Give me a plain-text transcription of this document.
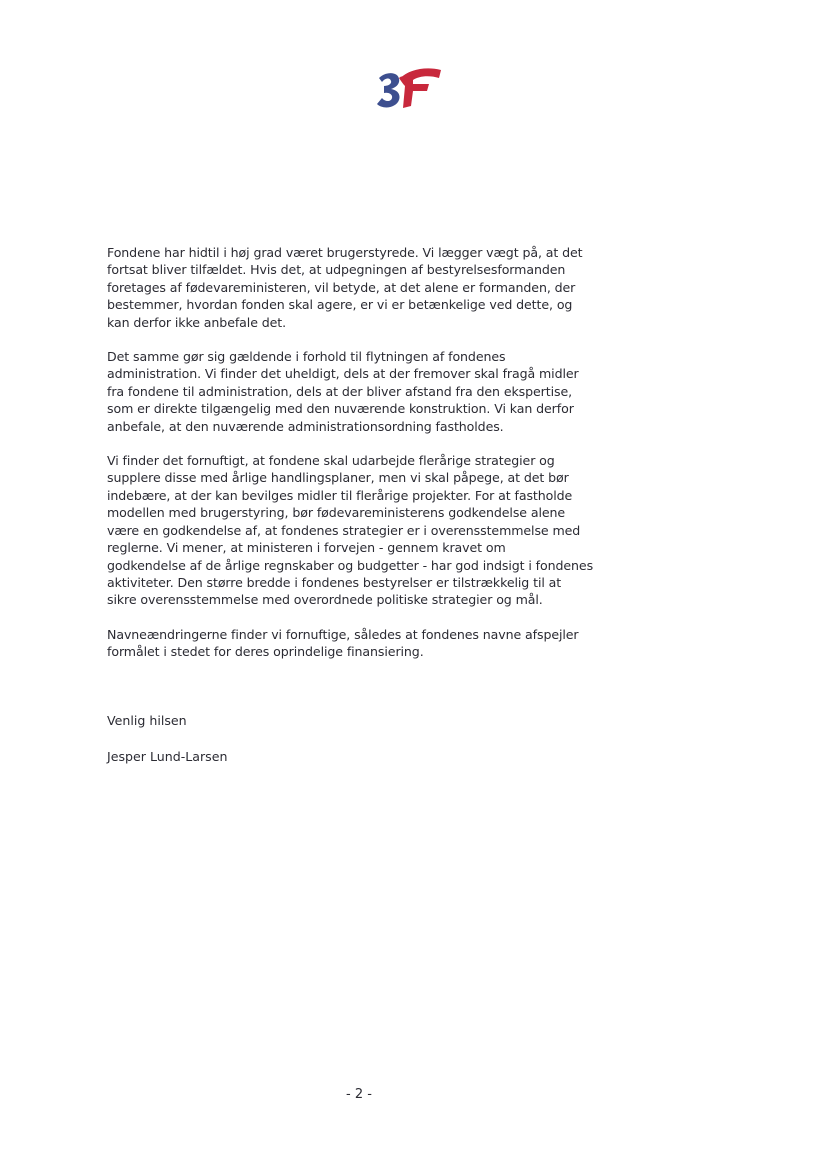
Fondene har hidtil i høj grad været brugerstyrede. Vi lægger vægt på, at det
fortsat bliver tilfældet. Hvis det, at udpegningen af bestyrelsesformanden
foretages af fødevareministeren, vil betyde, at det alene er formanden, der
bestemmer, hvordan fonden skal agere, er vi er betænkelige ved dette, og
kan derfor ikke anbefale det.

Det samme gør sig gældende i forhold til flytningen af fondenes
administration. Vi finder det uheldigt, dels at der fremover skal fragå midler
fra fondene til administration, dels at der bliver afstand fra den ekspertise,
som er direkte tilgængelig med den nuværende konstruktion. Vi kan derfor
anbefale, at den nuværende administrationsordning fastholdes.

Vi finder det fornuftigt, at fondene skal udarbejde flerårige strategier og
supplere disse med årlige handlingsplaner, men vi skal påpege, at det bør
indebære, at der kan bevilges midler til flerårige projekter. For at fastholde
modellen med brugerstyring, bør fødevareministerens godkendelse alene
være en godkendelse af, at fondenes strategier er i overensstemmelse med
reglerne. Vi mener, at ministeren i forvejen - gennem kravet om
godkendelse af de årlige regnskaber og budgetter - har god indsigt i fondenes
aktiviteter. Den større bredde i fondenes bestyrelser er tilstrækkelig til at
sikre overensstemmelse med overordnede politiske strategier og mål.

Navneændringerne finder vi fornuftige, således at fondenes navne afspejler
formålet i stedet for deres oprindelige finansiering.

Venlig hilsen
Jesper Lund-Larsen
- 2 -
